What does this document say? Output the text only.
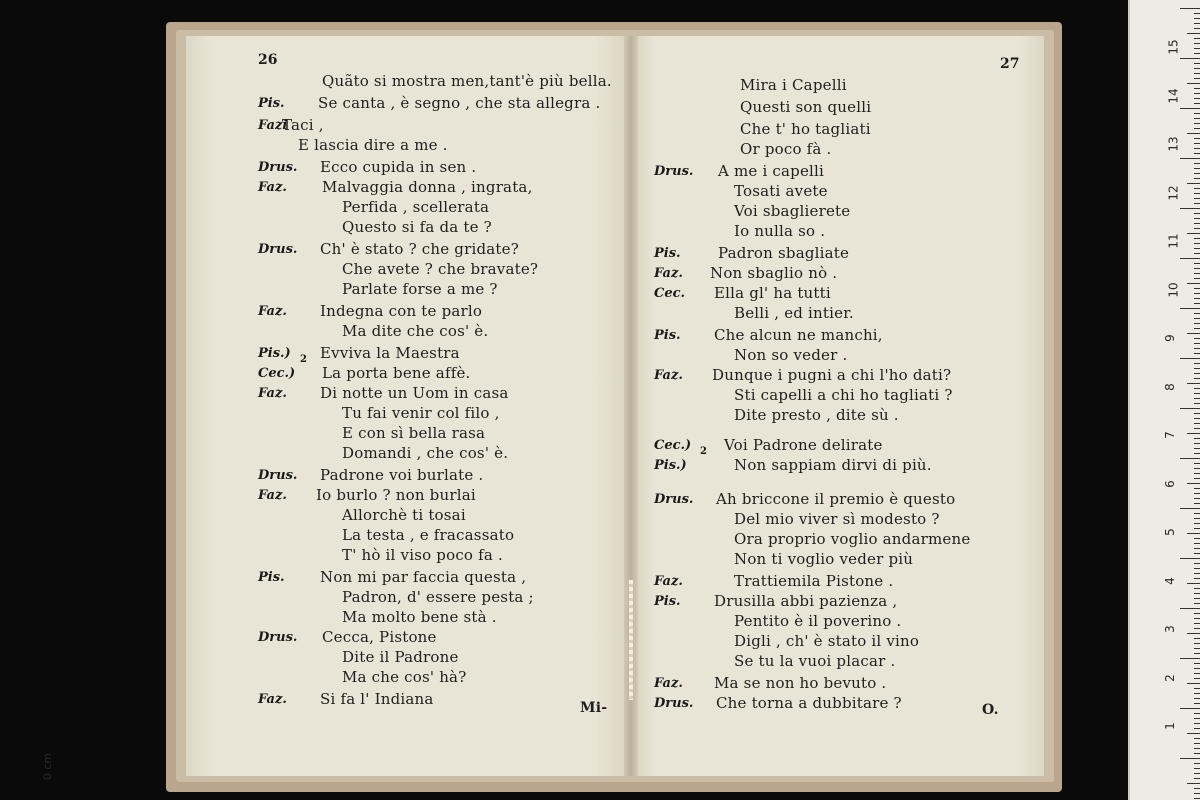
Quãto si mostra men,tant'è più bella.
Pis. Se canta , è segno , che sta allegra .
Fazi
Taci ,
E lascia dire a me .
Drus. Ecco cupida in sen .
Faz. Malvaggia donna , ingrata,
Perfida , scellerata
Questo si fa da te ?
Drus. Ch' è stato ? che gridate?
Che avete ? che bravate?
Parlate forse a me ?
Faz. Indegna con te parlo
Ma dite che cos' è.
Pis.) Evviva la Maestra
Cec.) La porta bene affè.
Faz. Di notte un Uom in casa
Tu fai venir col filo ,
E con sì bella rasa
Domandi , che cos' è.
Drus. Padrone voi burlate .
Faz. Io burlo ? non burlai
Allorchè ti tosai
La testa , e fracassato
T' hò il viso poco fa .
Pis. Non mi par faccia questa ,
Padron, d' essere pesta ;
Ma molto bene stà .
Drus. Cecca, Pistone
Dite il Padrone
Ma che cos' hà?
Faz. Si fa l' Indiana
Mira i Capelli
Questi son quelli
Che t' ho tagliati
Or poco fà .
Drus. A me i capelli
Tosati avete
Voi sbaglierete
Io nulla so .
Pis. Padron sbagliate
Faz. Non sbaglio nò .
Cec. Ella gl' ha tutti
Belli , ed intier.
Pis. Che alcun ne manchi,
Non so veder .
Faz. Dunque i pugni a chi l'ho dati?
Sti capelli a chi ho tagliati ?
Dite presto , dite sù .
Cec.) Voi Padrone delirate
Pis.)	Non sappiam dirvi di più.
Drus. Ah briccone il premio è questo
Del mio viver sì modesto ?
Ora proprio voglio andarmene
Non ti voglio veder più
Faz.	Trattiemila Pistone .
Pis. Drusilla abbi pazienza ,
Pentito è il poverino .
Digli , ch' è stato il vino
Se tu la vuoi placar .
Faz. Ma se non ho bevuto .
Drus. Che torna a dubbitare ?
26	27
2
2
Mi-	O.
15
14
13
12
11
10
9
8
7
6
5
4
3
2
1
0 cm
